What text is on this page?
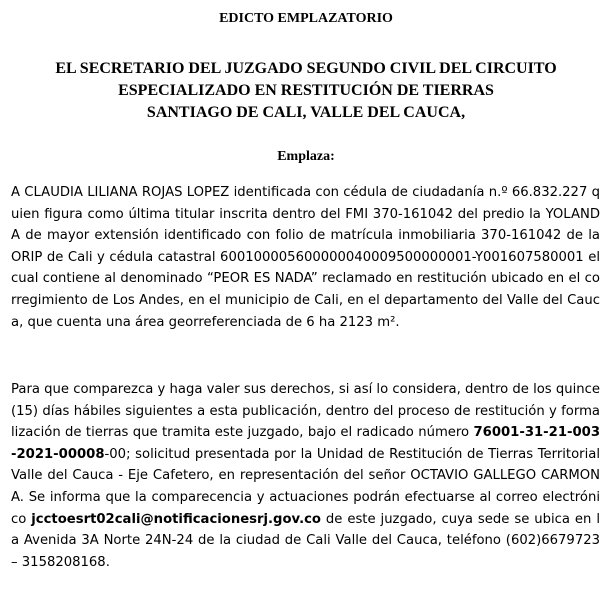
EDICTO EMPLAZATORIO

EL SECRETARIO DEL JUZGADO SEGUNDO CIVIL DEL CIRCUITO

ESPECIALIZADO EN RESTITUCIÓN DE TIERRAS

SANTIAGO DE CALI, VALLE DEL CAUCA,

Emplaza:

A CLAUDIA LILIANA ROJAS LOPEZ identificada con cédula de ciudadanía n.º 66.832.227 quien figura como última titular inscrita dentro del FMI 370-161042 del predio la YOLANDA de mayor extensión identificado con folio de matrícula inmobiliaria 370-161042 de la ORIP de Cali y cédula catastral 600100005600000040009500000001-Y001607580001 el cual contiene al denominado “PEOR ES NADA” reclamado en restitución ubicado en el corregimiento de Los Andes, en el municipio de Cali, en el departamento del Valle del Cauca, que cuenta una área georreferenciada de 6 ha 2123 m².

Para que comparezca y haga valer sus derechos, si así lo considera, dentro de los quince (15) días hábiles siguientes a esta publicación, dentro del proceso de restitución y formalización de tierras que tramita este juzgado, bajo el radicado número 76001-31-21-003-2021-00008-00; solicitud presentada por la Unidad de Restitución de Tierras Territorial Valle del Cauca - Eje Cafetero, en representación del señor OCTAVIO GALLEGO CARMONA. Se informa que la comparecencia y actuaciones podrán efectuarse al correo electrónico jcctoesrt02cali@notificacionesrj.gov.co de este juzgado, cuya sede se ubica en la Avenida 3A Norte 24N-24 de la ciudad de Cali Valle del Cauca, teléfono (602)6679723 – 3158208168.
